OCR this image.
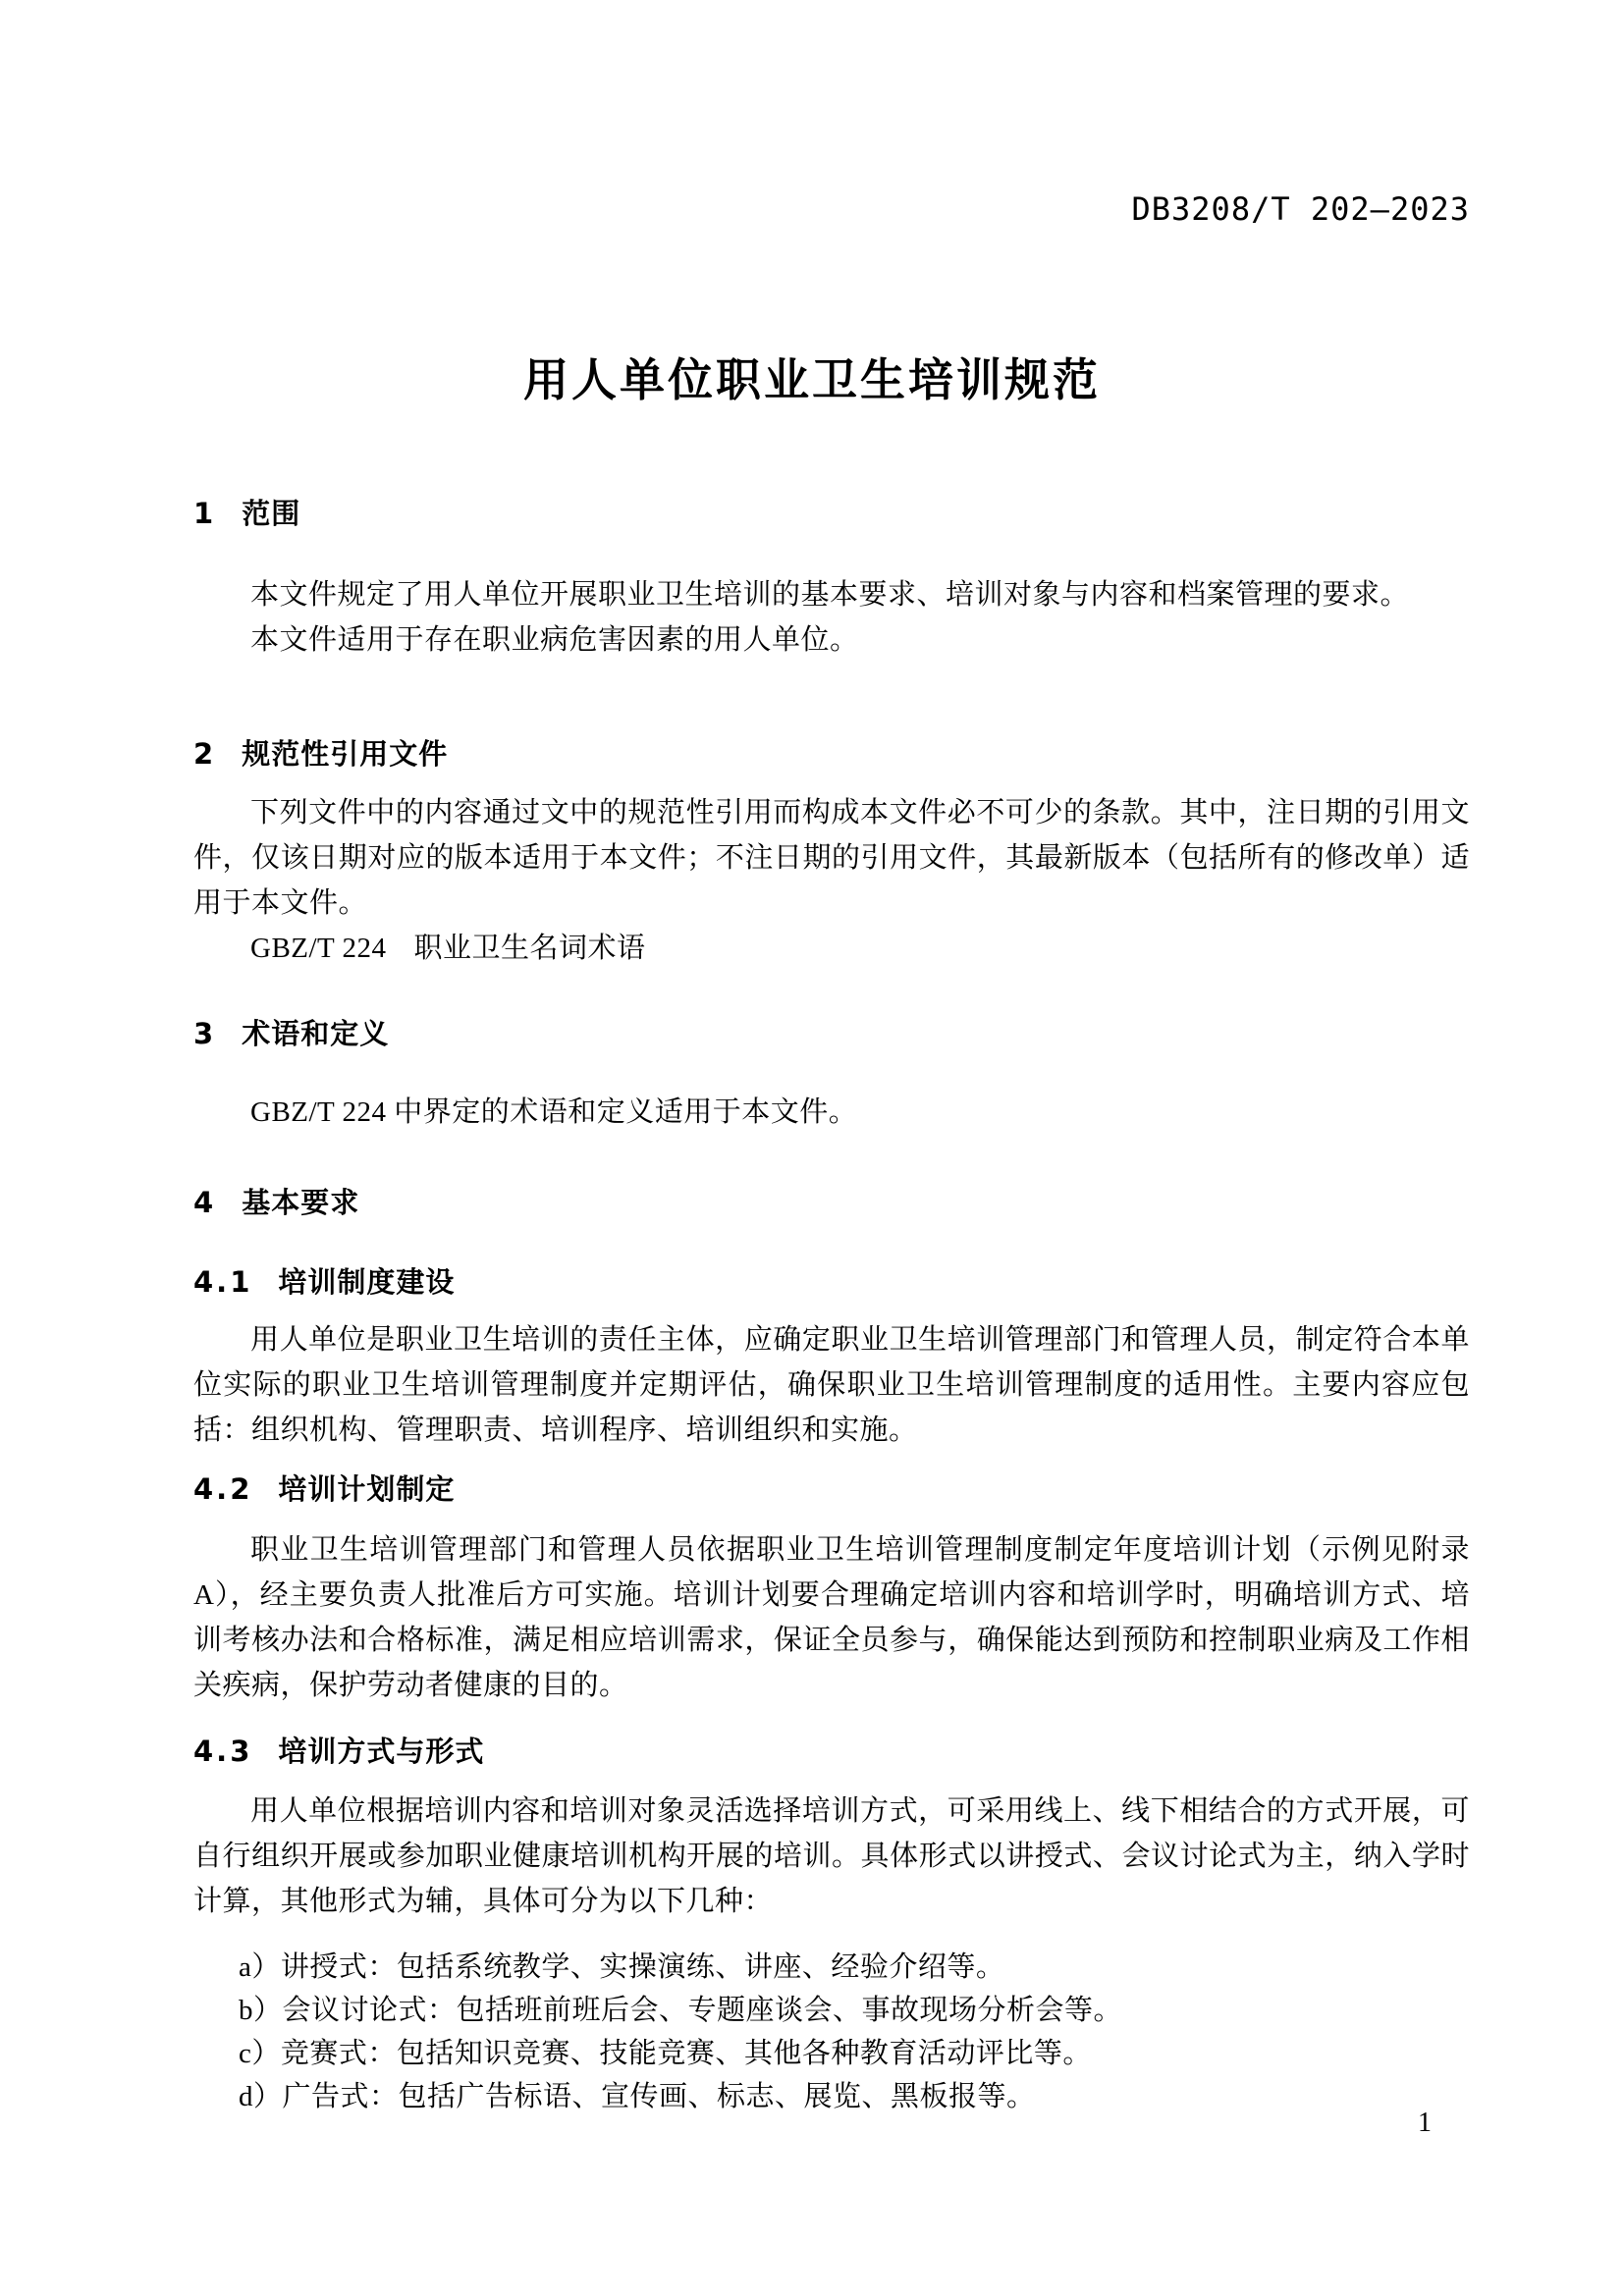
DB3208/T 202—2023
用人单位职业卫生培训规范
1 范围
本文件规定了用人单位开展职业卫生培训的基本要求、培训对象与内容和档案管理的要求。
本文件适用于存在职业病危害因素的用人单位。
2 规范性引用文件
下列文件中的内容通过文中的规范性引用而构成本文件必不可少的条款。其中，注日期的引用文件，仅该日期对应的版本适用于本文件；不注日期的引用文件，其最新版本（包括所有的修改单）适用于本文件。
GBZ/T 224 职业卫生名词术语
3 术语和定义
GBZ/T 224 中界定的术语和定义适用于本文件。
4 基本要求
4.1 培训制度建设
用人单位是职业卫生培训的责任主体，应确定职业卫生培训管理部门和管理人员，制定符合本单位实际的职业卫生培训管理制度并定期评估，确保职业卫生培训管理制度的适用性。主要内容应包括：组织机构、管理职责、培训程序、培训组织和实施。
4.2 培训计划制定
职业卫生培训管理部门和管理人员依据职业卫生培训管理制度制定年度培训计划（示例见附录 A），经主要负责人批准后方可实施。培训计划要合理确定培训内容和培训学时，明确培训方式、培训考核办法和合格标准，满足相应培训需求，保证全员参与，确保能达到预防和控制职业病及工作相关疾病，保护劳动者健康的目的。
4.3 培训方式与形式
用人单位根据培训内容和培训对象灵活选择培训方式，可采用线上、线下相结合的方式开展，可自行组织开展或参加职业健康培训机构开展的培训。具体形式以讲授式、会议讨论式为主，纳入学时计算，其他形式为辅，具体可分为以下几种：
a）讲授式：包括系统教学、实操演练、讲座、经验介绍等。
b）会议讨论式：包括班前班后会、专题座谈会、事故现场分析会等。
c）竞赛式：包括知识竞赛、技能竞赛、其他各种教育活动评比等。
d）广告式：包括广告标语、宣传画、标志、展览、黑板报等。
1
